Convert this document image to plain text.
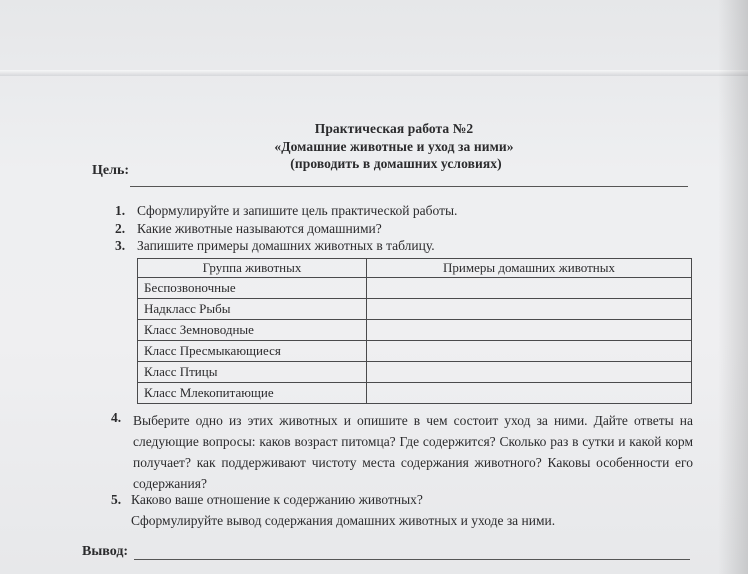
Практическая работа №2
«Домашние животные и уход за ними»
(проводить в домашних условиях)
Цель:
1. Сформулируйте и запишите цель практической работы.
2. Какие животные называются домашними?
3. Запишите примеры домашних животных в таблицу.
Группа животных	Примеры домашних животных
Беспозвоночные	
Надкласс Рыбы	
Класс Земноводные	
Класс Пресмыкающиеся	
Класс Птицы	
Класс Млекопитающие	
4. Выберите одно из этих животных и опишите в чем состоит уход за ними. Дайте ответы на следующие вопросы: каков возраст питомца? Где содержится? Сколько раз в сутки и какой корм получает? как поддерживают чистоту места содержания животного? Каковы особенности его содержания?
5. Каково ваше отношение к содержанию животных?
Сформулируйте вывод содержания домашних животных и уходе за ними.
Вывод:
